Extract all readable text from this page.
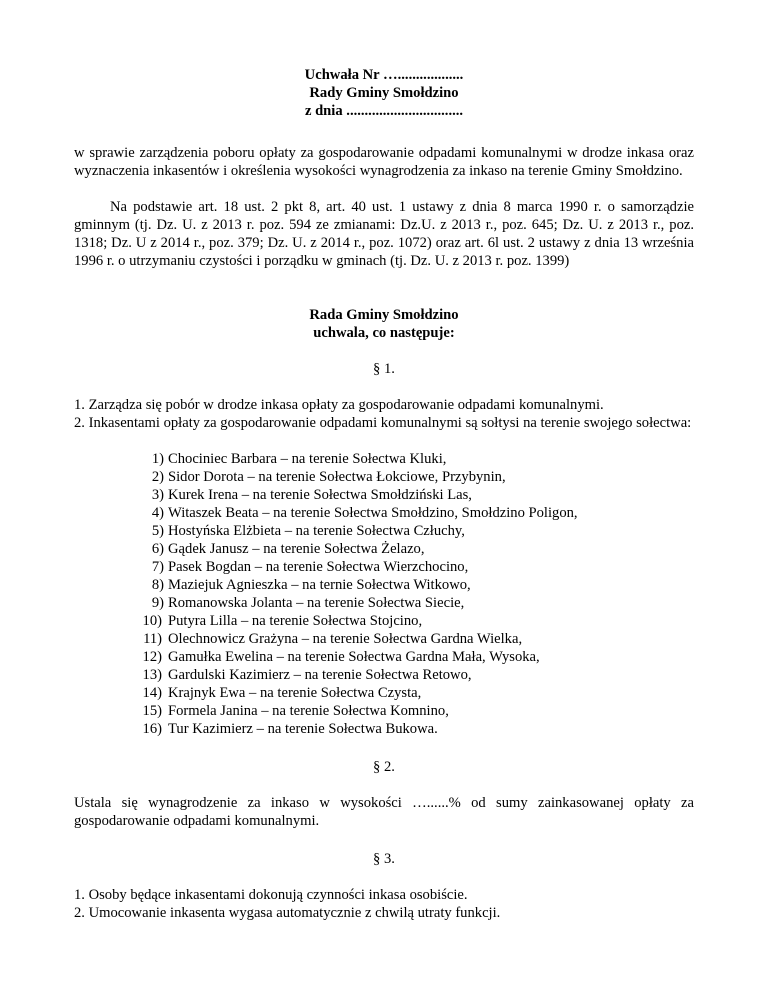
Uchwała Nr …..................
Rady Gminy Smołdzino
z dnia ................................

w sprawie zarządzenia poboru opłaty za gospodarowanie odpadami komunalnymi w drodze inkasa oraz wyznaczenia inkasentów i określenia wysokości wynagrodzenia za inkaso na terenie Gminy Smołdzino.

Na podstawie art. 18 ust. 2 pkt 8, art. 40 ust. 1 ustawy z dnia 8 marca 1990 r. o samorządzie gminnym (tj. Dz. U. z 2013 r. poz. 594 ze zmianami: Dz.U. z 2013 r., poz. 645; Dz. U. z 2013 r., poz. 1318; Dz. U z 2014 r., poz. 379; Dz. U. z 2014 r., poz. 1072) oraz art. 6l ust. 2 ustawy z dnia 13 września 1996 r. o utrzymaniu czystości i porządku w gminach (tj. Dz. U. z 2013 r. poz. 1399)

Rada Gminy Smołdzino
uchwala, co następuje:
§ 1.
1. Zarządza się pobór w drodze inkasa opłaty za gospodarowanie odpadami komunalnymi.
2. Inkasentami opłaty za gospodarowanie odpadami komunalnymi są sołtysi na terenie swojego sołectwa:
1) Chociniec Barbara – na terenie Sołectwa Kluki,
2) Sidor Dorota – na terenie Sołectwa Łokciowe, Przybynin,
3) Kurek Irena – na terenie Sołectwa Smołdziński Las,
4) Witaszek Beata – na terenie Sołectwa Smołdzino, Smołdzino Poligon,
5) Hostyńska Elżbieta – na terenie Sołectwa Człuchy,
6) Gądek Janusz – na terenie Sołectwa Żelazo,
7) Pasek Bogdan – na terenie Sołectwa Wierzchocino,
8) Maziejuk Agnieszka – na ternie Sołectwa Witkowo,
9) Romanowska Jolanta – na terenie Sołectwa Siecie,
10) Putyra Lilla – na terenie Sołectwa Stojcino,
11) Olechnowicz Grażyna – na terenie Sołectwa Gardna Wielka,
12) Gamułka Ewelina – na terenie Sołectwa Gardna Mała, Wysoka,
13) Gardulski Kazimierz – na terenie Sołectwa Retowo,
14) Krajnyk Ewa – na terenie Sołectwa Czysta,
15) Formela Janina – na terenie Sołectwa Komnino,
16) Tur Kazimierz – na terenie Sołectwa Bukowa.
§ 2.

Ustala się wynagrodzenie za inkaso w wysokości …......% od sumy zainkasowanej opłaty za gospodarowanie odpadami komunalnymi.

§ 3.
1. Osoby będące inkasentami dokonują czynności inkasa osobiście.
2. Umocowanie inkasenta wygasa automatycznie z chwilą utraty funkcji.
